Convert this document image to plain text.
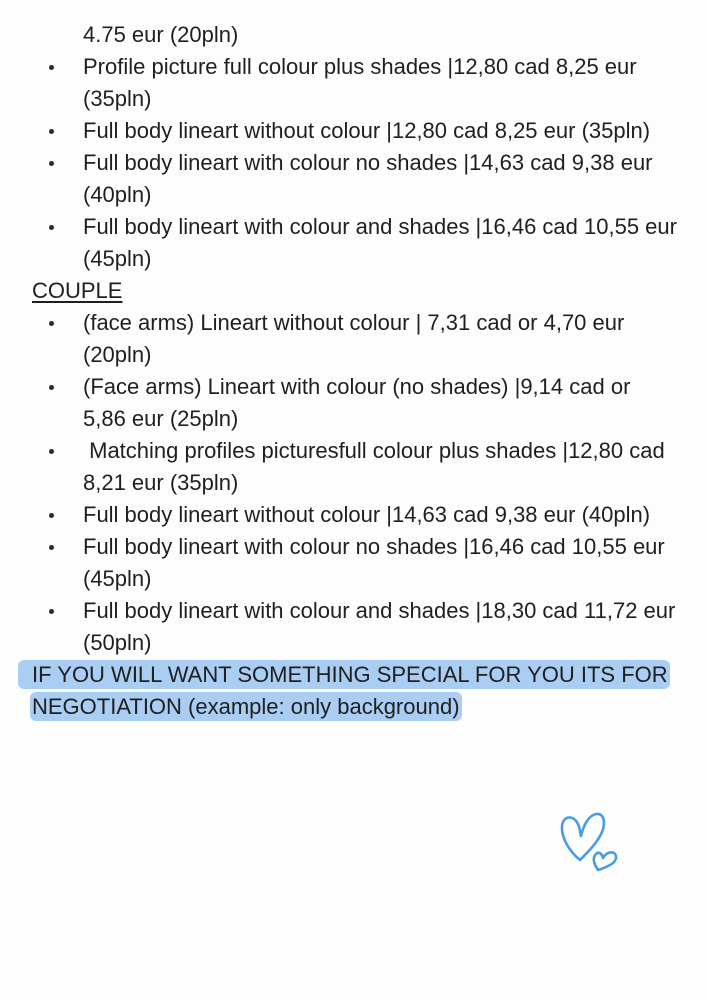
4.75 eur (20pln)
Profile picture full colour plus shades |12,80 cad 8,25 eur (35pln)
Full body lineart without colour |12,80 cad 8,25 eur (35pln)
Full body lineart with colour no shades |14,63 cad 9,38 eur (40pln)
Full body lineart with colour and shades |16,46 cad 10,55 eur (45pln)
COUPLE
(face arms) Lineart without colour | 7,31 cad or 4,70 eur (20pln)
(Face arms) Lineart with colour (no shades) |9,14 cad or 5,86 eur (25pln)
Matching profiles picturesfull colour plus shades |12,80 cad 8,21 eur (35pln)
Full body lineart without colour |14,63 cad 9,38 eur (40pln)
Full body lineart with colour no shades |16,46 cad 10,55 eur (45pln)
Full body lineart with colour and shades |18,30 cad 11,72 eur (50pln)
IF YOU WILL WANT SOMETHING SPECIAL FOR YOU ITS FOR
NEGOTIATION (example: only background)
